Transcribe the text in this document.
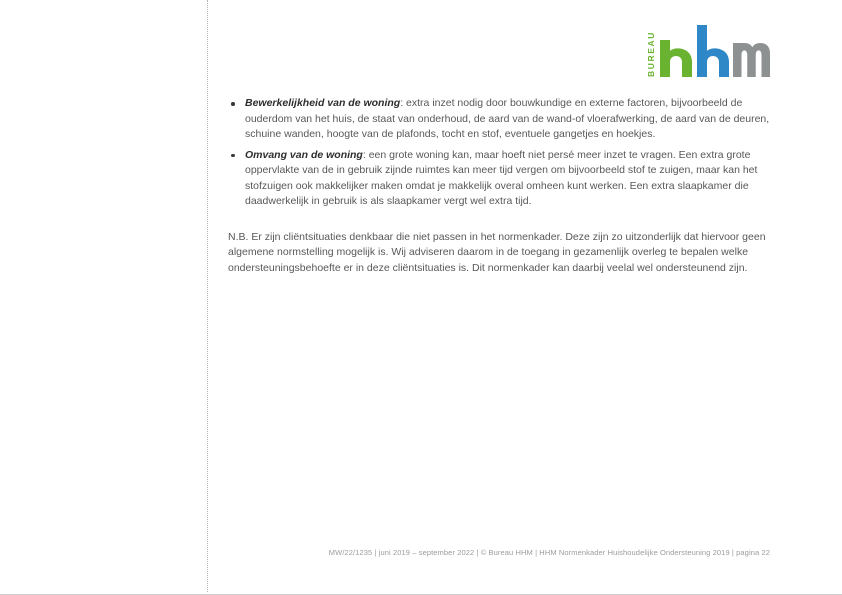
BUREAU
Bewerkelijkheid van de woning: extra inzet nodig door bouwkundige en externe factoren, bijvoorbeeld de ouderdom van het huis, de staat van onderhoud, de aard van de wand-of vloerafwerking, de aard van de deuren, schuine wanden, hoogte van de plafonds, tocht en stof, eventuele gangetjes en hoekjes.
Omvang van de woning: een grote woning kan, maar hoeft niet persé meer inzet te vragen. Een extra grote oppervlakte van de in gebruik zijnde ruimtes kan meer tijd vergen om bijvoorbeeld stof te zuigen, maar kan het stofzuigen ook makkelijker maken omdat je makkelijk overal omheen kunt werken. Een extra slaapkamer die daadwerkelijk in gebruik is als slaapkamer vergt wel extra tijd.

N.B. Er zijn cliëntsituaties denkbaar die niet passen in het normenkader. Deze zijn zo uitzonderlijk dat hiervoor geen algemene normstelling mogelijk is. Wij adviseren daarom in de toegang in gezamenlijk overleg te bepalen welke ondersteuningsbehoefte er in deze cliëntsituaties is. Dit normenkader kan daarbij veelal wel ondersteunend zijn.

MW/22/1235 | juni 2019 – september 2022 | © Bureau HHM | HHM Normenkader Huishoudelijke Ondersteuning 2019 | pagina 22
